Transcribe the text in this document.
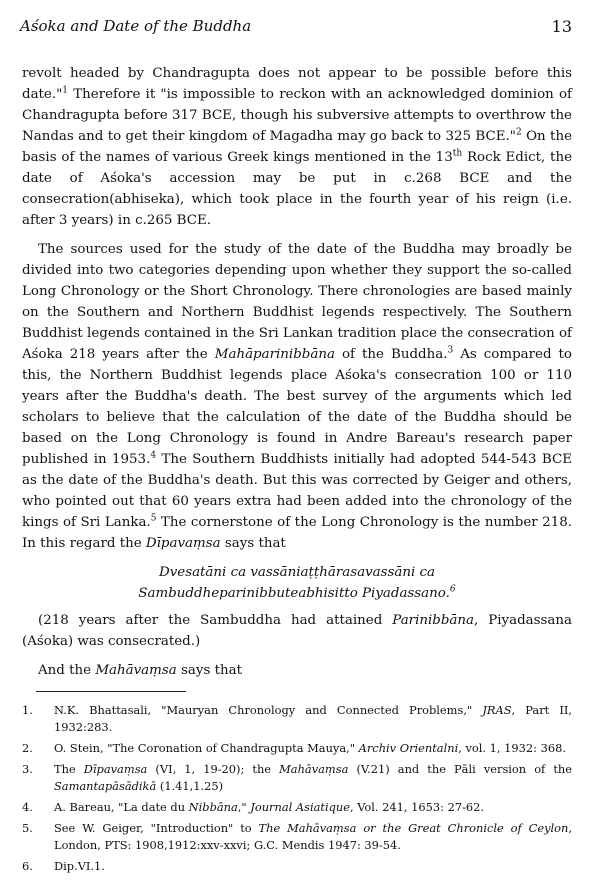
Aśoka and Date of the Buddha	13

revolt headed by Chandragupta does not appear to be possible before this date."$^1$ Therefore it "is impossible to reckon with an acknowledged dominion of Chandragupta before 317 BCE, though his subversive attempts to overthrow the Nandas and to get their kingdom of Magadha may go back to 325 BCE."$^2$ On the basis of the names of various Greek kings mentioned in the 13th Rock Edict, the date of Aśoka's accession may be put in c.268 BCE and the consecration(abhiseka), which took place in the fourth year of his reign (i.e. after 3 years) in c.265 BCE.

The sources used for the study of the date of the Buddha may broadly be divided into two categories depending upon whether they support the so-called Long Chronology or the Short Chronology. There chronologies are based mainly on the Southern and Northern Buddhist legends respectively. The Southern Buddhist legends contained in the Sri Lankan tradition place the consecration of Aśoka 218 years after the Mahāparinibbāna of the Buddha.$^3$ As compared to this, the Northern Buddhist legends place Aśoka's consecration 100 or 110 years after the Buddha's death. The best survey of the arguments which led scholars to believe that the calculation of the date of the Buddha should be based on the Long Chronology is found in Andre Bareau's research paper published in 1953.$^4$ The Southern Buddhists initially had adopted 544-543 BCE as the date of the Buddha's death. But this was corrected by Geiger and others, who pointed out that 60 years extra had been added into the chronology of the kings of Sri Lanka.$^5$ The cornerstone of the Long Chronology is the number 218. In this regard the Dīpavaṃsa says that

Dvesatāni ca vassāniaṭṭhārasavassāni ca
Sambuddheparinibbuteabhisitto Piyadassano.$^6$

(218 years after the Sambuddha had attained Parinibbāna, Piyadassana (Aśoka) was consecrated.)

And the Mahāvaṃsa says that

1.	N.K. Bhattasali, "Mauryan Chronology and Connected Problems," JRAS, Part II, 1932:283.
2.	O. Stein, "The Coronation of Chandragupta Mauya," Archiv Orientalni, vol. 1, 1932: 368.
3.	The Dīpavaṃsa (VI, 1, 19-20); the Mahāvaṃsa (V.21) and the Pāli version of the Samantapāsādikā (1.41,1.25)
4.	A. Bareau, "La date du Nibbāna," Journal Asiatique, Vol. 241, 1653: 27-62.
5.	See W. Geiger, "Introduction" to The Mahāvaṃsa or the Great Chronicle of Ceylon, London, PTS: 1908,1912:xxv-xxvi; G.C. Mendis 1947: 39-54.
6.	Dip.VI.1.
